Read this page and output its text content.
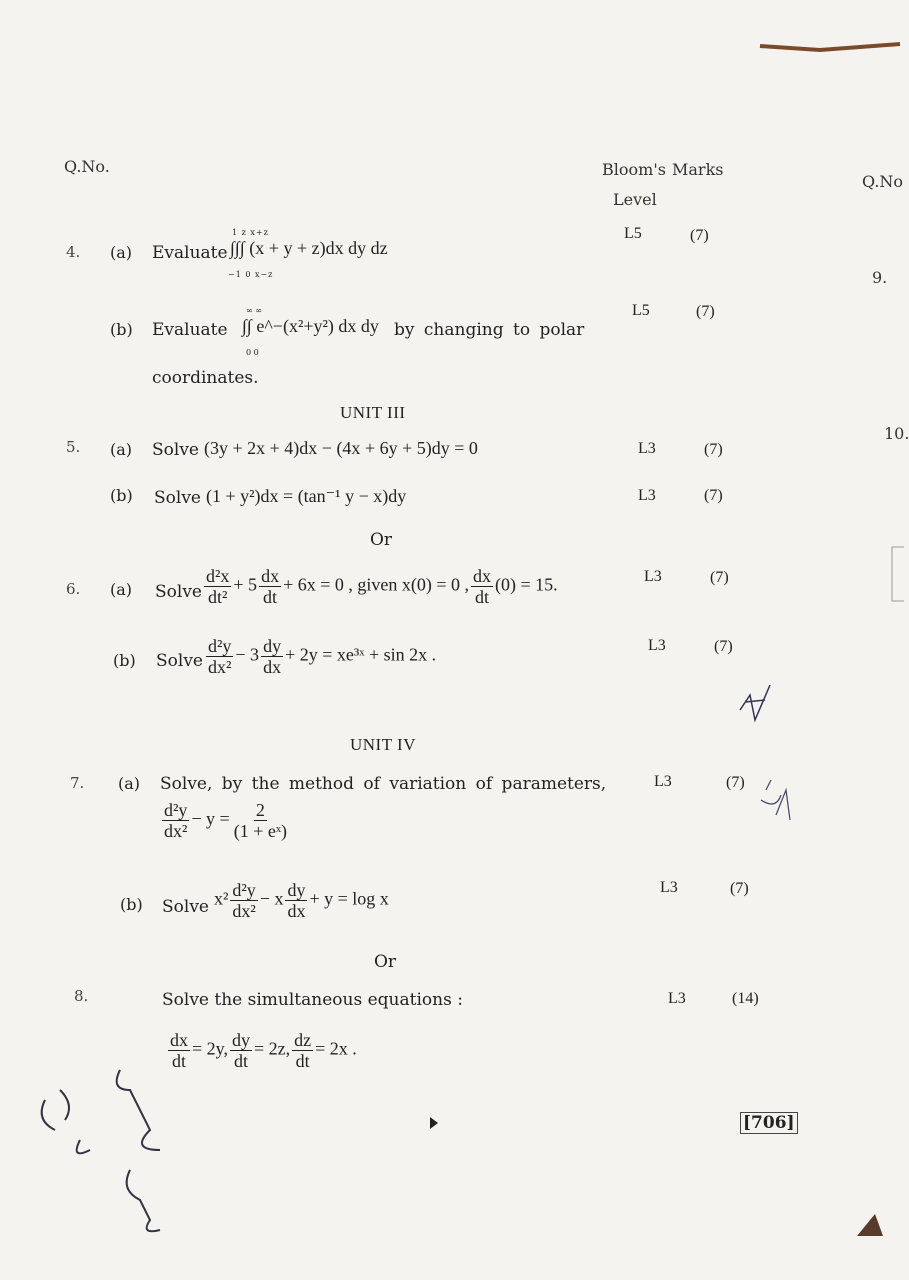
Q.No.	Bloom's Marks
Level
Q.No
9.
10.
4. (a) Evaluate
1 z x+z
∫∫∫ (x + y + z)dx dy dz
−1 0 x−z
L5	(7)
(b) Evaluate
∞ ∞
∫∫ e^−(x²+y²) dx dy
0 0
by changing to polar
coordinates.
L5	(7)
UNIT III
5. (a) Solve (3y + 2x + 4)dx − (4x + 6y + 5)dy = 0	L3	(7)
(b) Solve (1 + y²)dx = (tan⁻¹ y − x)dy	L3	(7)
Or
6. (a) Solve $\frac{\text{d²x}}{\text{dt²}} + 5 \frac{dx}{dt} + 6x = 0$ , given x(0) = 0 , $\frac{dx}{dt} (0) = 15$.	L3	(7)
(b) Solve $\frac{\text{d²y}}{\text{dx²}} - 3 \frac{dy}{dx} + 2y$ = xe³ˣ + sin 2x .	L3	(7)
UNIT IV
7. (a) Solve, by the method of variation of parameters,
$\frac{\text{d²y}}{\text{dx²}} - y = \frac{2}{\text{(1 + eˣ)}}$
L3	(7)
(b) Solve $x^2 \frac{\text{d²y}}{\text{dx²}} - x \frac{dy}{dx} + y = \log x$
L3	(7)
Or
8.	Solve the simultaneous equations :
$\frac{dx}{dt} = 2y$, $\frac{dy}{dt} = 2z$, $\frac{dz}{dt} = 2x$ .
L3	(14)
[706]
